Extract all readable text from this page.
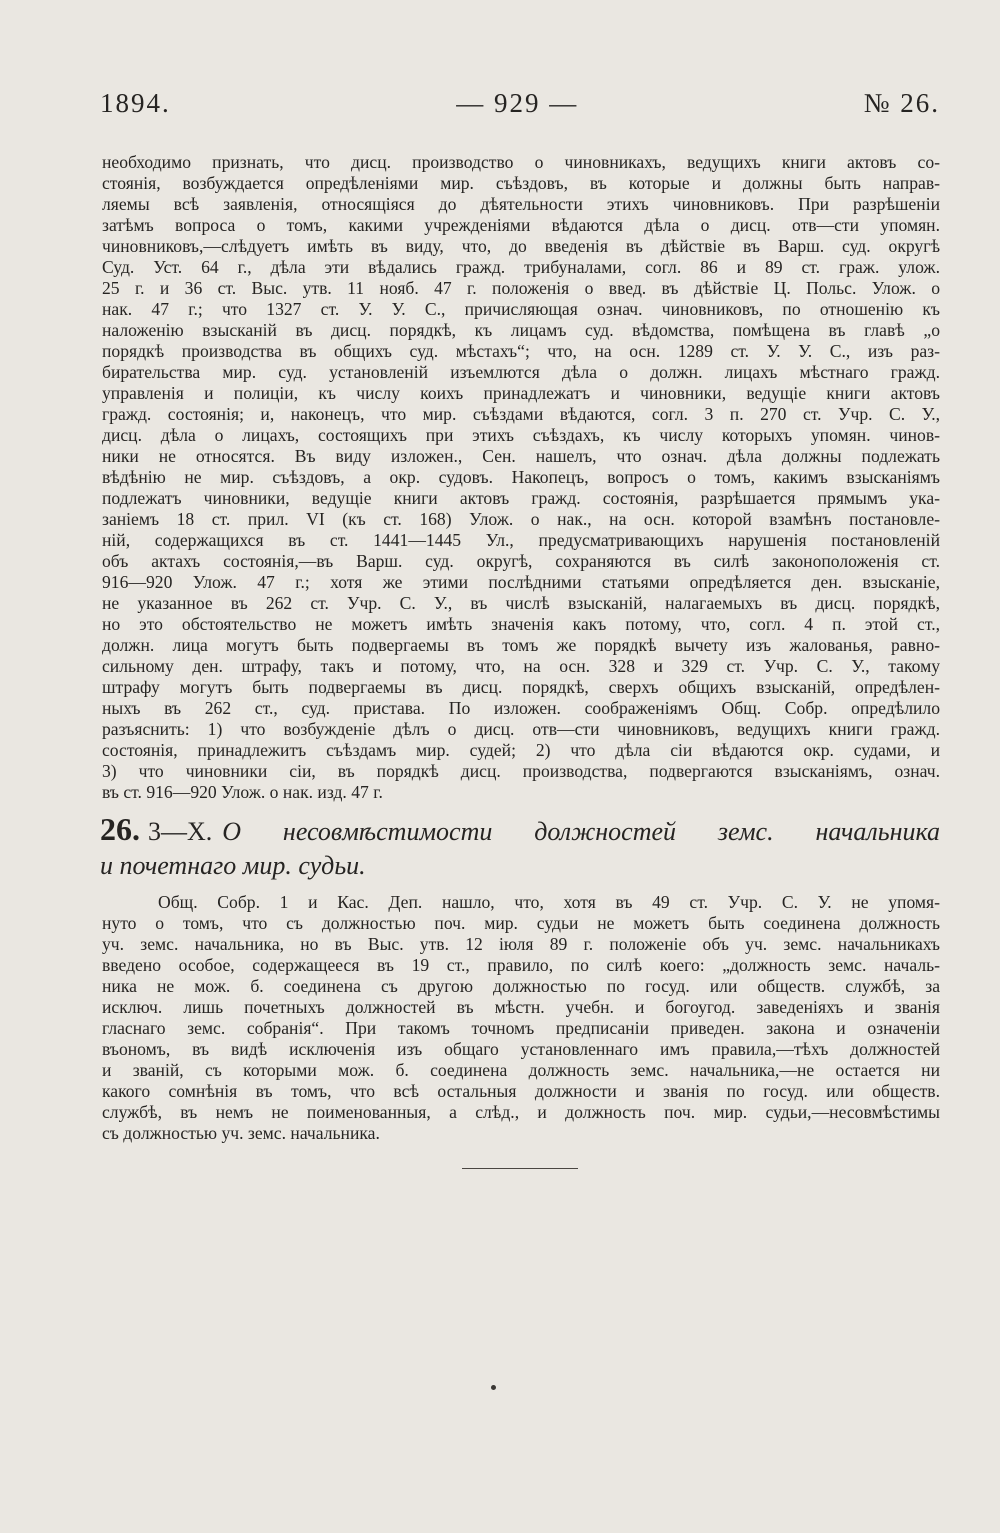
1894.	— 929 —	№ 26.
необходимо признать, что дисц. производство о чиновникахъ, ведущихъ книги актовъ со-
стоянія, возбуждается опредѣленіями мир. съѣздовъ, въ которые и должны быть направ-
ляемы всѣ заявленія, относящіяся до дѣятельности этихъ чиновниковъ. При разрѣшеніи
затѣмъ вопроса о томъ, какими учрежденіями вѣдаются дѣла о дисц. отв—сти упомян.
чиновниковъ,—слѣдуетъ имѣть въ виду, что, до введенія въ дѣйствіе въ Варш. суд. округѣ
Суд. Уст. 64 г., дѣла эти вѣдались гражд. трибуналами, согл. 86 и 89 ст. граж. улож.
25 г. и 36 ст. Выс. утв. 11 нояб. 47 г. положенія о введ. въ дѣйствіе Ц. Польс. Улож. о
нак. 47 г.; что 1327 ст. У. У. С., причисляющая означ. чиновниковъ, по отношенію къ
наложенію взысканій въ дисц. порядкѣ, къ лицамъ суд. вѣдомства, помѣщена въ главѣ „о
порядкѣ производства въ общихъ суд. мѣстахъ“; что, на осн. 1289 ст. У. У. С., изъ раз-
бирательства мир. суд. установленій изъемлются дѣла о должн. лицахъ мѣстнаго гражд.
управленія и полиціи, къ числу коихъ принадлежатъ и чиновники, ведущіе книги актовъ
гражд. состоянія; и, наконецъ, что мир. съѣздами вѣдаются, согл. 3 п. 270 ст. Учр. С. У.,
дисц. дѣла о лицахъ, состоящихъ при этихъ съѣздахъ, къ числу которыхъ упомян. чинов-
ники не относятся. Въ виду изложен., Сен. нашелъ, что означ. дѣла должны подлежать
вѣдѣнію не мир. съѣздовъ, а окр. судовъ. Накопецъ, вопросъ о томъ, какимъ взысканіямъ
подлежатъ чиновники, ведущіе книги актовъ гражд. состоянія, разрѣшается прямымъ ука-
заніемъ 18 ст. прил. VI (къ ст. 168) Улож. о нак., на осн. которой взамѣнъ постановле-
ній, содержащихся въ ст. 1441—1445 Ул., предусматривающихъ нарушенія постановленій
объ актахъ состоянія,—въ Варш. суд. округѣ, сохраняются въ силѣ законоположенія ст.
916—920 Улож. 47 г.; хотя же этими послѣдними статьями опредѣляется ден. взысканіе,
не указанное въ 262 ст. Учр. С. У., въ числѣ взысканій, налагаемыхъ въ дисц. порядкѣ,
но это обстоятельство не можетъ имѣть значенія какъ потому, что, согл. 4 п. этой ст.,
должн. лица могутъ быть подвергаемы въ томъ же порядкѣ вычету изъ жалованья, равно-
сильному ден. штрафу, такъ и потому, что, на осн. 328 и 329 ст. Учр. С. У., такому
штрафу могутъ быть подвергаемы въ дисц. порядкѣ, сверхъ общихъ взысканій, опредѣлен-
ныхъ въ 262 ст., суд. пристава. По изложен. соображеніямъ Общ. Собр. опредѣлило
разъяснить: 1) что возбужденіе дѣлъ о дисц. отв—сти чиновниковъ, ведущихъ книги гражд.
состоянія, принадлежитъ съѣздамъ мир. судей; 2) что дѣла сіи вѣдаются окр. судами, и
3) что чиновники сіи, въ порядкѣ дисц. производства, подвергаются взысканіямъ, означ.
въ ст. 916—920 Улож. о нак. изд. 47 г.
26. 3—X. О несовмѣстимости должностей земс. начальника
и почетнаго мир. судьи.
Общ. Собр. 1 и Кас. Деп. нашло, что, хотя въ 49 ст. Учр. С. У. не упомя-
нуто о томъ, что съ должностью поч. мир. судьи не можетъ быть соединена должность
уч. земс. начальника, но въ Выс. утв. 12 іюля 89 г. положеніе объ уч. земс. начальникахъ
введено особое, содержащееся въ 19 ст., правило, по силѣ коего: „должность земс. началь-
ника не мож. б. соединена съ другою должностью по госуд. или обществ. службѣ, за
исключ. лишь почетныхъ должностей въ мѣстн. учебн. и богоугод. заведеніяхъ и званія
гласнаго земс. собранія“. При такомъ точномъ предписаніи приведен. закона и означеніи
въономъ, въ видѣ исключенія изъ общаго установленнаго имъ правила,—тѣхъ должностей
и званій, съ которыми мож. б. соединена должность земс. начальника,—не остается ни
какого сомнѣнія въ томъ, что всѣ остальныя должности и званія по госуд. или обществ.
службѣ, въ немъ не поименованныя, а слѣд., и должность поч. мир. судьи,—несовмѣстимы
съ должностью уч. земс. начальника.
